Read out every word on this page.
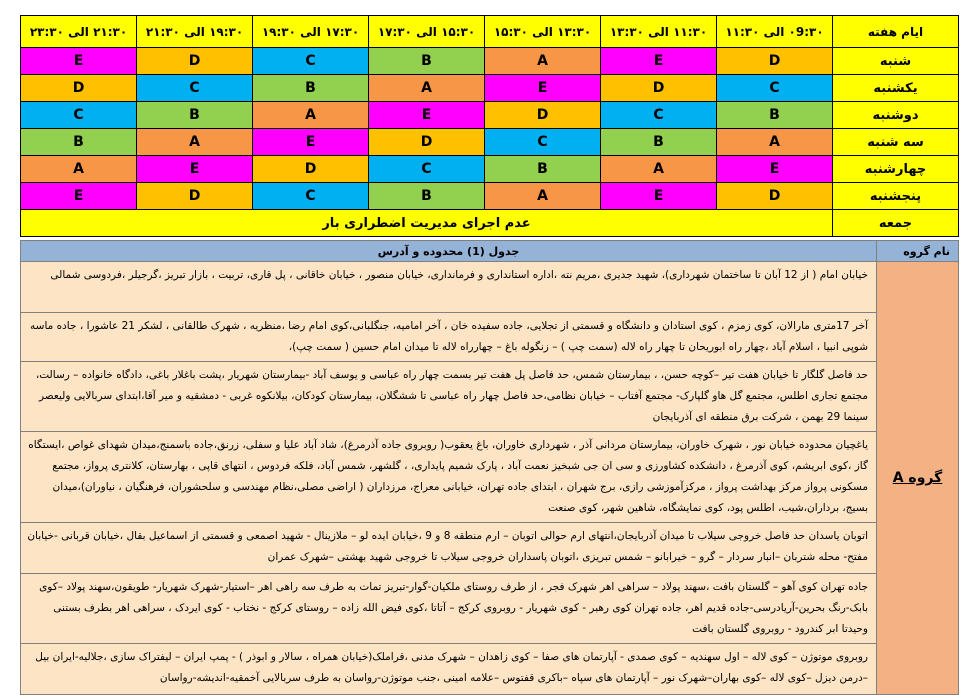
ایام هفته	۰9:۳۰ الی ۱۱:۳۰	۱۱:۳۰ الی ۱۳:۳۰	۱۳:۳۰ الی ۱۵:۳۰	۱۵:۳۰ الی ۱۷:۳۰	۱۷:۳۰ الی ۱۹:۳۰	۱۹:۳۰ الی ۲۱:۳۰	۲۱:۳۰ الی ۲۳:۳۰
شنبه	D	E	A	B	C	D	E
یکشنبه	C	D	E	A	B	C	D
دوشنبه	B	C	D	E	A	B	C
سه شنبه	A	B	C	D	E	A	B
چهارشنبه	E	A	B	C	D	E	A
پنجشنبه	D	E	A	B	C	D	E
جمعه	عدم اجرای مدیریت اضطراری بار						
نام گروه	جدول (1) محدوده و آدرس
گروه A	خیابان امام ( از 12 آبان تا ساختمان شهرداری)، شهید جدیری ،مریم نته ،اداره استانداری و فرمانداری، خیابان منصور ، خیابان خاقانی ، پل قاری، تربیت ، بازار تبریز ،گرجیلر ،فردوسی شمالی
	آخر 17متری مارالان، کوی زمزم ، کوی استادان و دانشگاه و قسمتی از تجلایی، جاده سفیده خان ، آخر امامیه، جنگلبانی،کوی امام رضا ،منظریه ، شهرک طالقانی ، لشکر 21 عاشورا ، جاده ماسه شوپی انبیا ، اسلام آباد ،چهار راه ابوریحان تا چهار راه لاله (سمت چپ ) – زنگوله باغ – چهارراه لاله تا میدان امام حسین ( سمت چپ)،
	حد فاصل گلگار تا خیابان هفت تیر –کوچه حسن، ، بیمارستان شمس، حد فاصل پل هفت تیر بسمت چهار راه عباسی و یوسف آباد -بیمارستان شهریار ،پشت باغلار باغی، دادگاه خانواده – رسالت، مجتمع تجاری اطلس، مجتمع گل هاو گلپارک- مجتمع آفتاب – خیابان نظامی،حد فاصل چهار راه عباسی تا ششگلان، بیمارستان کودکان، بیلانکوه غربی - دمشقیه و میر آقا،ابتدای سربالایی ولیعصر سینما 29 بهمن ، شرکت برق منطقه ای آذربایجان
	یاغچیان محدوده خیابان نور ، شهرک خاوران، بیمارستان مردانی آذر ، شهرداری خاوران، باغ یعقوب( روبروی جاده آذرمرغ)، شاد آباد علیا و سفلی، زرنق،جاده باسمنج،میدان شهدای غواص ،ایستگاه گاز ،کوی ابریشم، کوی آذرمرغ ، دانشکده کشاورزی و سی ان جی شبخیز نعمت آباد ، پارک شمیم پایداری، ، گلشهر، شمس آباد، فلکه فردوس ، انتهای قاپی ، بهارستان، کلانتری پرواز، مجتمع مسکونی پرواز مرکز بهداشت پرواز ، مرکزآموزشی رازی، برج شهران ، ابتدای جاده تهران، خیابانی معراج، مرزداران ( اراضی مصلی،نظام مهندسی و سلحشوران، فرهنگیان ، نیاوران)،میدان بسیج، برداران،شیب، اطلس پود، کوی نمایشگاه، شاهین شهر، کوی صنعت
	اتوبان یاسدان حد فاصل خروجی سیلاب تا میدان آذربایجان،انتهای ارم حوالی اتوبان – ارم منطقه 8 و 9 ،خیابان ایده لو – ملازینال - شهید اصمعی و قسمتی از اسماعیل بقال ،خیابان قربانی -خیابان مفتح- محله شتربان –انبار سردار – گرو – خیرابانو – شمس تبریزی ،اتوبان پاسداران خروجی سیلاب تا خروجی شهید بهشتی –شهرک عمران
	جاده تهران کوی آهو – گلستان بافت ،سهند پولاد – سراهی اهر شهرک فجر ، از طرف روستای ملکیان-گوار-تبریز تمات به طرف سه راهی اهر –استیار-شهرک شهریار- طویقون،سهند پولاد –کوی بابک-رنگ بحرین-آریادرسی-جاده قدیم اهر، جاده تهران کوی رهبر - کوی شهریار - روبروی کرکج – آتاتا ،کوی فیض الله زاده – روستای کرکج - نختاب - کوی ایردک ، سراهی اهر بطرف بستنی وحیدتا ابر کندرود - روبروی گلستان بافت
	روبروی موتوژن – کوی لاله – اول سهندیه – کوی صمدی - آپارتمان های صفا – کوی زاهدان – شهرک مدنی ،قراملک(خیابان همراه ، سالار و ابوذر ) - پمپ ایران – لیفتراک سازی ،جلالیه-ایران بیل –درمن دیزل –کوی لاله –کوی بهاران–شهرک نور – آپارتمان های سپاه –باکری قفتوس –علامه امینی ،جنب موتوژن-رواسان به طرف سربالایی آخمقیه-اندیشه-رواسان
